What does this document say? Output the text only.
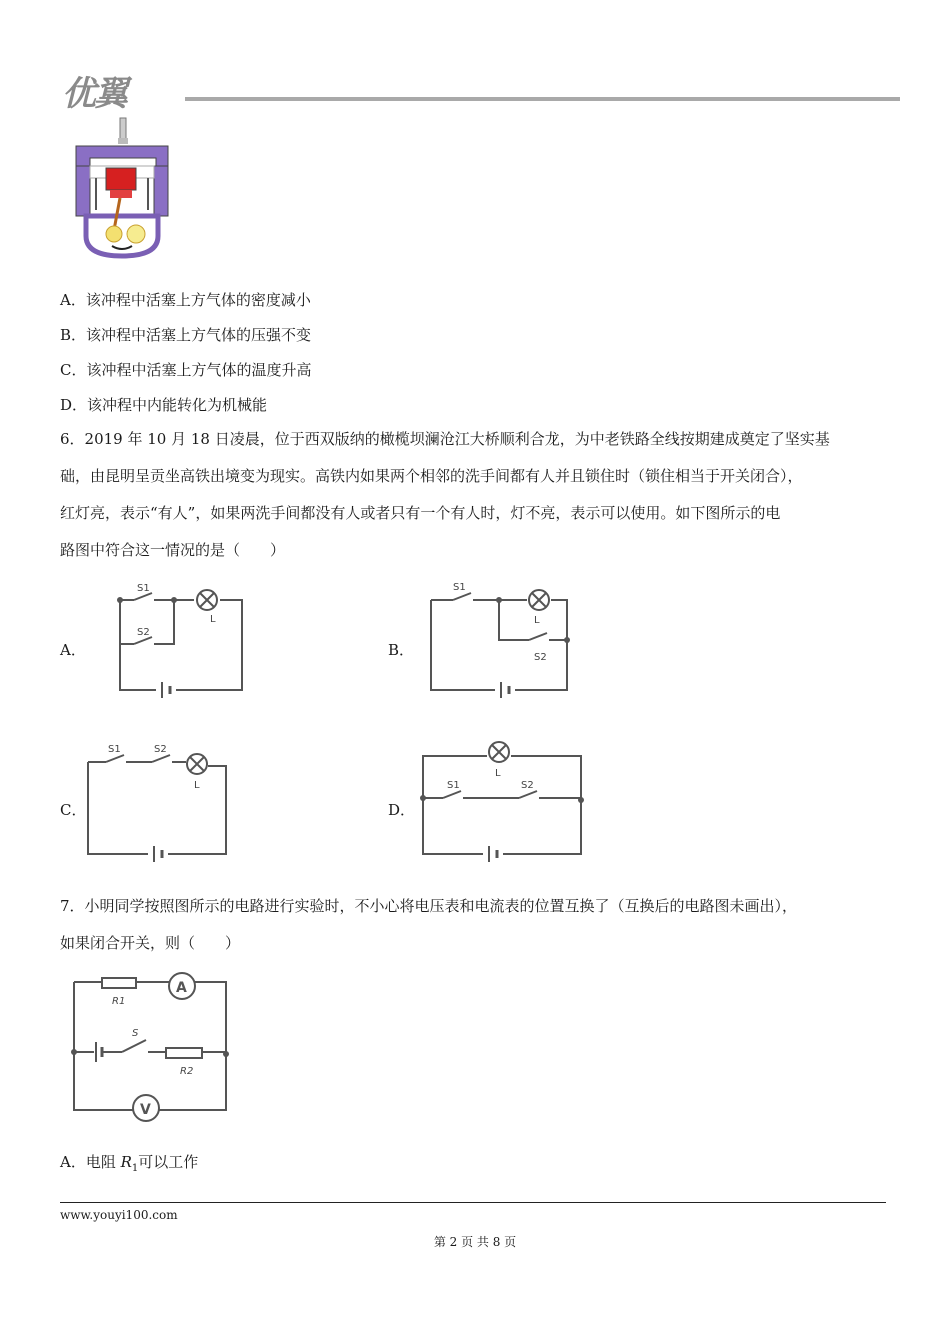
优翼
A．该冲程中活塞上方气体的密度减小
B．该冲程中活塞上方气体的压强不变
C．该冲程中活塞上方气体的温度升高
D．该冲程中内能转化为机械能

6．2019 年 10 月 18 日凌晨，位于西双版纳的橄榄坝澜沧江大桥顺利合龙，为中老铁路全线按期建成奠定了坚实基

础，由昆明呈贡坐高铁出境变为现实。高铁内如果两个相邻的洗手间都有人并且锁住时（锁住相当于开关闭合），

红灯亮，表示“有人”，如果两洗手间都没有人或者只有一个有人时，灯不亮，表示可以使用。如下图所示的电

路图中符合这一情况的是（　　）

A．	B．
C．	D．
S1
S2
L
S1
S2
L
S1	S2
L	S1	S2
L

7．小明同学按照图所示的电路进行实验时，不小心将电压表和电流表的位置互换了（互换后的电路图未画出），

如果闭合开关，则（　　）

A
V
R1
S
R2
A．电阻 $R_1$可以工作
www.youyi100.com
第 2 页 共 8 页
